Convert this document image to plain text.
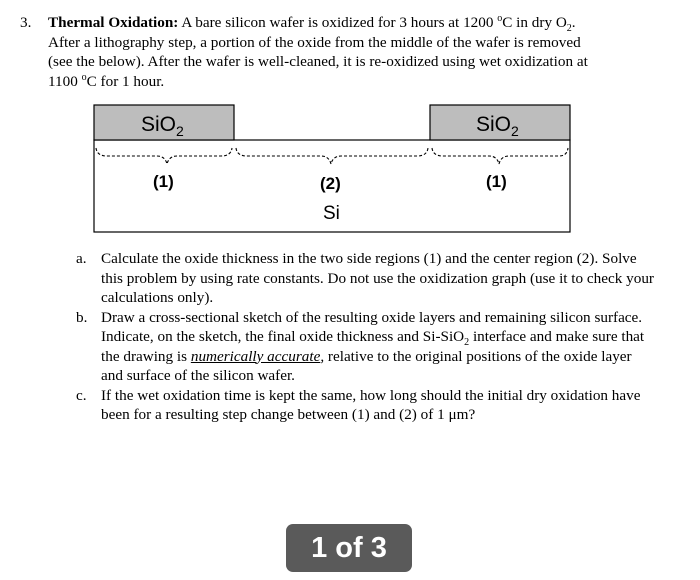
3. Thermal Oxidation: A bare silicon wafer is oxidized for 3 hours at 1200 $^o$C in dry $O_2$.
After a lithography step, a portion of the oxide from the middle of the wafer is removed
(see the below). After the wafer is well-cleaned, it is re-oxidized using wet oxidization at
1100 $^o$C for 1 hour.
SiO$_2$	SiO$_2$
(1)	(2)	(1)
Si
a. Calculate the oxide thickness in the two side regions (1) and the center region (2). Solve this problem by using rate constants. Do not use the oxidization graph (use it to check your calculations only).
b. Draw a cross-sectional sketch of the resulting oxide layers and remaining silicon surface. Indicate, on the sketch, the final oxide thickness and Si-SiO$_2$ interface and make sure that the drawing is numerically accurate, relative to the original positions of the oxide layer and surface of the silicon wafer.
c. If the wet oxidation time is kept the same, how long should the initial dry oxidation have been for a resulting step change between (1) and (2) of 1 μm?
1 of 3
